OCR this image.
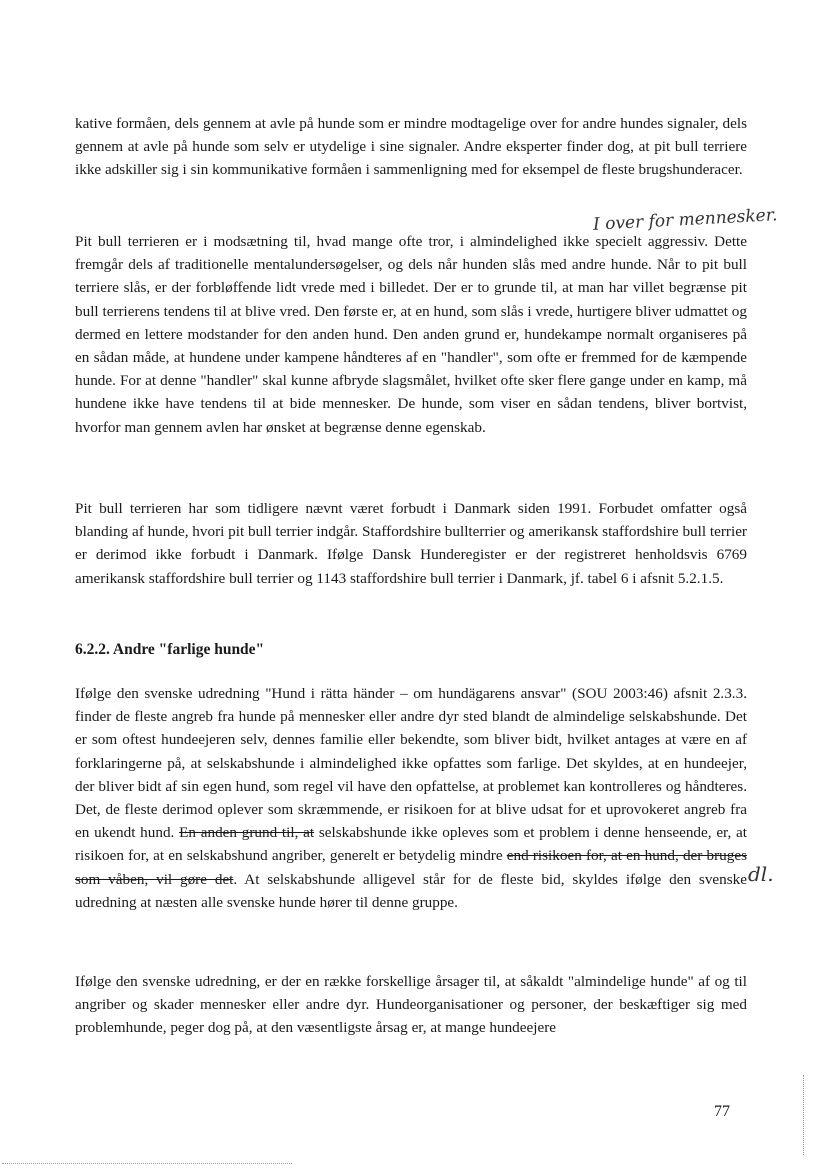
kative formåen, dels gennem at avle på hunde som er mindre modtagelige over for andre hundes signaler, dels gennem at avle på hunde som selv er utydelige i sine signaler. Andre eksperter finder dog, at pit bull terriere ikke adskiller sig i sin kommunikative formåen i sammenligning med for eksempel de fleste brugshunderacer.

I over for mennesker.

Pit bull terrieren er i modsætning til, hvad mange ofte tror, i almindelighed ikke specielt aggressiv. Dette fremgår dels af traditionelle mentalundersøgelser, og dels når hunden slås med andre hunde. Når to pit bull terriere slås, er der forbløffende lidt vrede med i billedet. Der er to grunde til, at man har villet begrænse pit bull terrierens tendens til at blive vred. Den første er, at en hund, som slås i vrede, hurtigere bliver udmattet og dermed en lettere modstander for den anden hund. Den anden grund er, hundekampe normalt organiseres på en sådan måde, at hundene under kampene håndteres af en "handler", som ofte er fremmed for de kæmpende hunde. For at denne "handler" skal kunne afbryde slagsmålet, hvilket ofte sker flere gange under en kamp, må hundene ikke have tendens til at bide mennesker. De hunde, som viser en sådan tendens, bliver bortvist, hvorfor man gennem avlen har ønsket at begrænse denne egenskab.

Pit bull terrieren har som tidligere nævnt været forbudt i Danmark siden 1991. Forbudet omfatter også blanding af hunde, hvori pit bull terrier indgår. Staffordshire bullterrier og amerikansk staffordshire bull terrier er derimod ikke forbudt i Danmark. Ifølge Dansk Hunderegister er der registreret henholdsvis 6769 amerikansk staffordshire bull terrier og 1143 staffordshire bull terrier i Danmark, jf. tabel 6 i afsnit 5.2.1.5.

6.2.2. Andre "farlige hunde"

Ifølge den svenske udredning "Hund i rätta händer – om hundägarens ansvar" (SOU 2003:46) afsnit 2.3.3. finder de fleste angreb fra hunde på mennesker eller andre dyr sted blandt de almindelige selskabshunde. Det er som oftest hundeejeren selv, dennes familie eller bekendte, som bliver bidt, hvilket antages at være en af forklaringerne på, at selskabshunde i almindelighed ikke opfattes som farlige. Det skyldes, at en hundeejer, der bliver bidt af sin egen hund, som regel vil have den opfattelse, at problemet kan kontrolleres og håndteres. Det, de fleste derimod oplever som skræmmende, er risikoen for at blive udsat for et uprovokeret angreb fra en ukendt hund. En anden grund til, at selskabshunde ikke opleves som et problem i denne henseende, er, at risikoen for, at en selskabshund angriber, generelt er betydelig mindre end risikoen for, at en hund, der bruges som våben, vil gøre det. At selskabshunde alligevel står for de fleste bid, skyldes ifølge den svenske udredning at næsten alle svenske hunde hører til denne gruppe.

dl.

Ifølge den svenske udredning, er der en række forskellige årsager til, at såkaldt "almindelige hunde" af og til angriber og skader mennesker eller andre dyr. Hundeorganisationer og personer, der beskæftiger sig med problemhunde, peger dog på, at den væsentligste årsag er, at mange hundeejere

77
